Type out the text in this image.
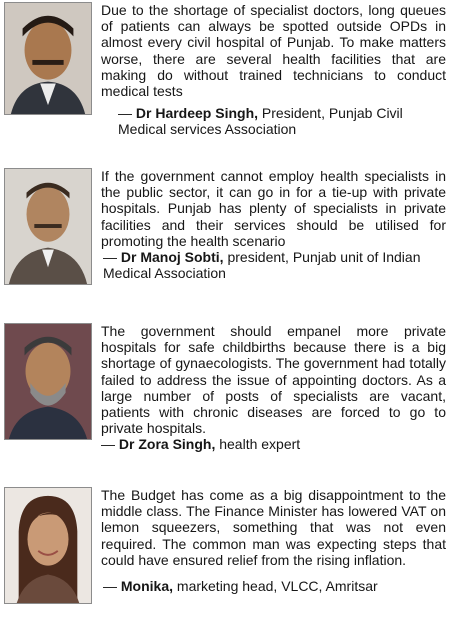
Due to the shortage of specialist doctors, long queues of patients can always be spotted outside OPDs in almost every civil hospital of Punjab. To make matters worse, there are several health facilities that are making do without trained technicians to conduct medical tests

— Dr Hardeep Singh, President, Punjab Civil Medical services Association

If the government cannot employ health specialists in the public sector, it can go in for a tie-up with private hospitals. Punjab has plenty of specialists in private facilities and their services should be utilised for promoting the health scenario

— Dr Manoj Sobti, president, Punjab unit of Indian Medical Association

The government should empanel more private hospitals for safe childbirths because there is a big shortage of gynaecologists. The government had totally failed to address the issue of appointing doctors. As a large number of posts of specialists are vacant, patients with chronic diseases are forced to go to private hospitals.

— Dr Zora Singh, health expert

The Budget has come as a big disappointment to the middle class. The Finance Minister has lowered VAT on lemon squeezers, something that was not even required. The common man was expecting steps that could have ensured relief from the rising inflation.

— Monika, marketing head, VLCC, Amritsar
